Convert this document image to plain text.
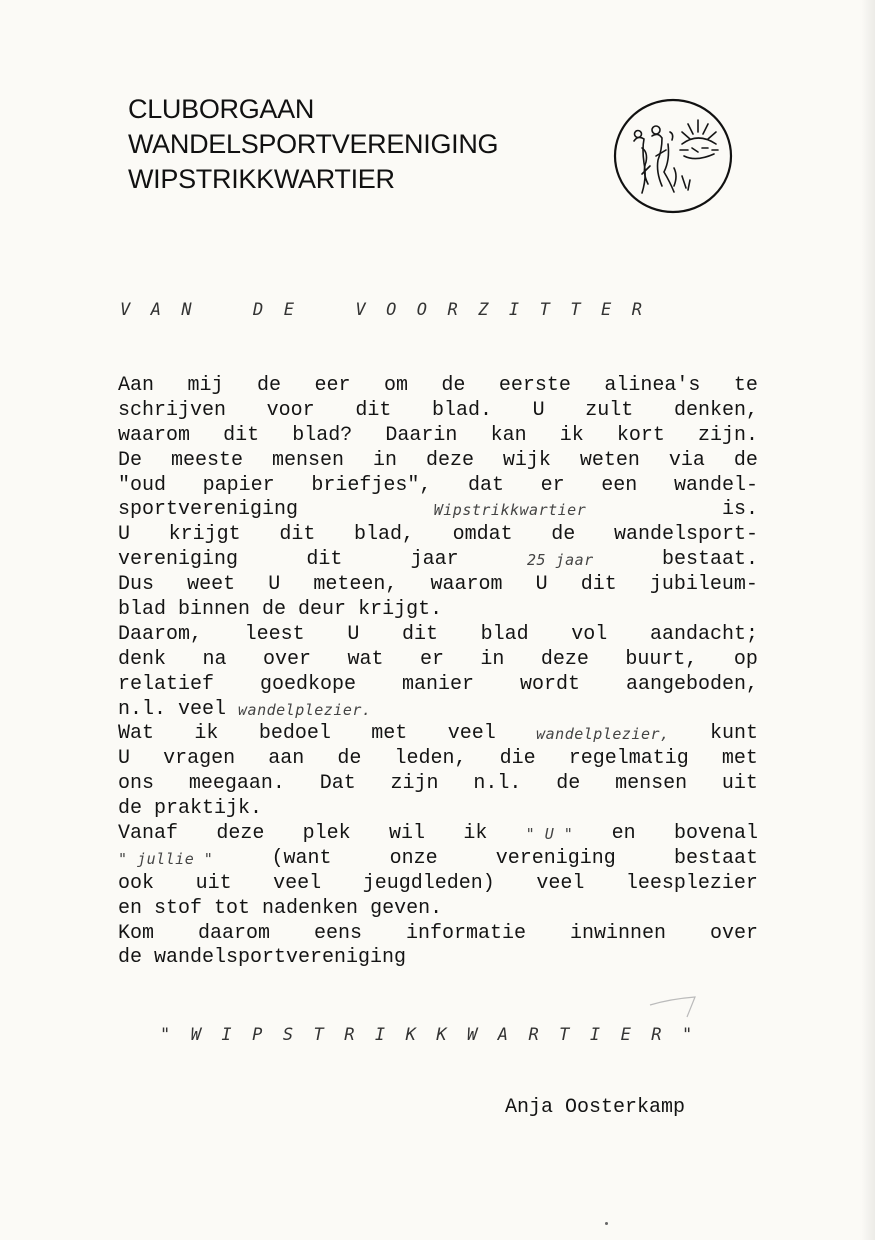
CLUBORGAAN
WANDELSPORTVERENIGING
WIPSTRIKKWARTIER
V  A  N      D  E      V  O  O  R  Z  I  T  T  E  R
Aan mij de eer om de eerste alinea's te
schrijven voor dit blad. U zult denken,
waarom dit blad? Daarin kan ik kort zijn.
De meeste mensen in deze wijk weten via de
"oud papier briefjes", dat er een wandel-
sportvereniging	Wipstrikkwartier	is.
U krijgt dit blad, omdat de wandelsport-
vereniging	dit	jaar	25 jaar	bestaat.
Dus weet U meteen, waarom U dit jubileum-
blad binnen de deur krijgt.
Daarom, leest U dit blad vol aandacht;
denk na over wat er in deze buurt, op
relatief goedkope manier wordt aangeboden,
n.l. veel wandelplezier.
Wat ik bedoel met veel	wandelplezier, kunt
U vragen aan de leden, die regelmatig met
ons meegaan. Dat zijn n.l. de mensen uit
de praktijk.
Vanaf deze plek wil ik	" U " en bovenal
" jullie "	(want	onze	vereniging	bestaat
ook uit veel jeugdleden) veel leesplezier
en stof tot nadenken geven.
Kom daarom eens informatie inwinnen over
de wandelsportvereniging
"  W  I  P  S  T  R  I  K  K  W  A  R  T  I  E  R  "
Anja Oosterkamp
